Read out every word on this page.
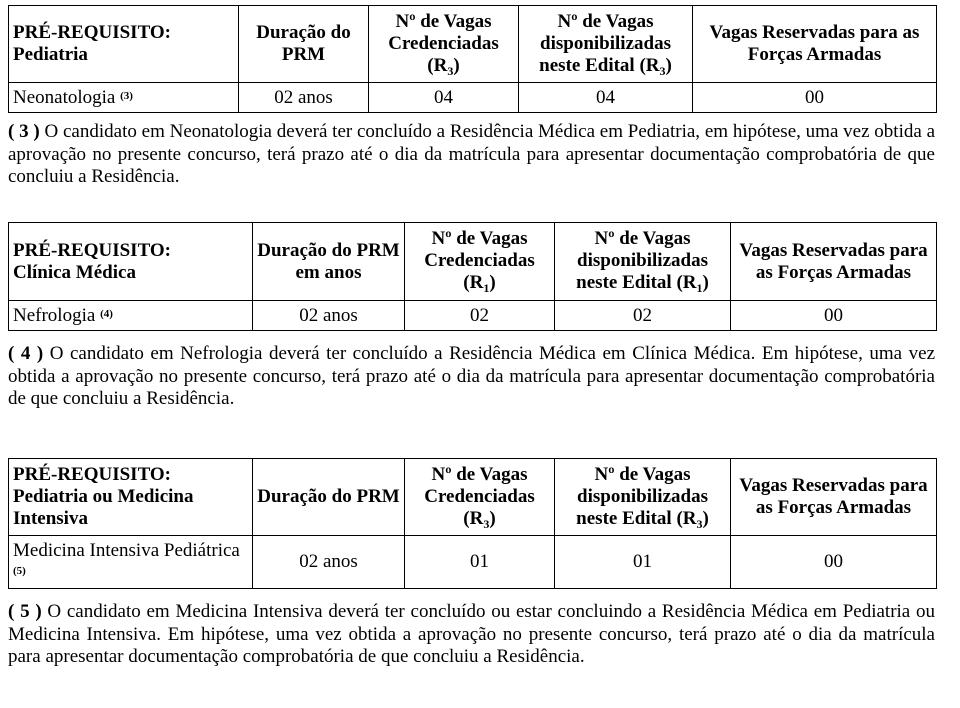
PRÉ-REQUISITO:
Pediatria	Duração do PRM	Nº de Vagas Credenciadas $(R_3)$	Nº de Vagas disponibilizadas neste Edital $(R_3)$	Vagas Reservadas para as Forças Armadas
Neonatologia $^{(3)}$	02 anos	04	04	00

( 3 ) O candidato em Neonatologia deverá ter concluído a Residência Médica em Pediatria, em hipótese, uma vez obtida a aprovação no presente concurso, terá prazo até o dia da matrícula para apresentar documentação comprobatória de que concluiu a Residência.

PRÉ-REQUISITO:
Clínica Médica	Duração do PRM em anos	Nº de Vagas Credenciadas $(R_1)$	Nº de Vagas disponibilizadas neste Edital $(R_1)$	Vagas Reservadas para as Forças Armadas
Nefrologia $^{(4)}$	02 anos	02	02	00

( 4 ) O candidato em Nefrologia deverá ter concluído a Residência Médica em Clínica Médica. Em hipótese, uma vez obtida a aprovação no presente concurso, terá prazo até o dia da matrícula para apresentar documentação comprobatória de que concluiu a Residência.

PRÉ-REQUISITO:
Pediatria ou Medicina Intensiva	Duração do PRM	Nº de Vagas Credenciadas $(R_3)$	Nº de Vagas disponibilizadas neste Edital $(R_3)$	Vagas Reservadas para as Forças Armadas
Medicina Intensiva Pediátrica $^{(5)}$	02 anos	01	01	00

( 5 ) O candidato em Medicina Intensiva deverá ter concluído ou estar concluindo a Residência Médica em Pediatria ou Medicina Intensiva. Em hipótese, uma vez obtida a aprovação no presente concurso, terá prazo até o dia da matrícula para apresentar documentação comprobatória de que concluiu a Residência.
